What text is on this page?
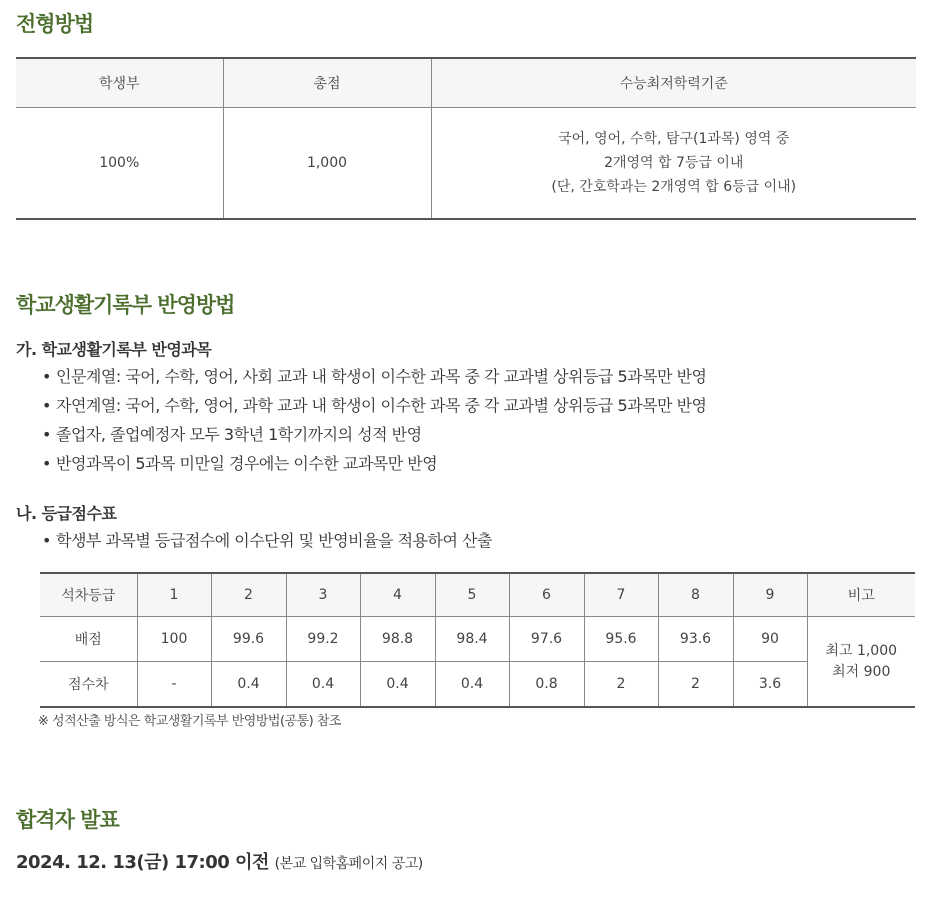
전형방법
학생부	총점	수능최저학력기준
100%	1,000	국어, 영어, 수학, 탐구(1과목) 영역 중
2개영역 합 7등급 이내
(단, 간호학과는 2개영역 합 6등급 이내)
학교생활기록부 반영방법

가. 학교생활기록부 반영과목

• 인문계열: 국어, 수학, 영어, 사회 교과 내 학생이 이수한 과목 중 각 교과별 상위등급 5과목만 반영
• 자연계열: 국어, 수학, 영어, 과학 교과 내 학생이 이수한 과목 중 각 교과별 상위등급 5과목만 반영
• 졸업자, 졸업예정자 모두 3학년 1학기까지의 성적 반영
• 반영과목이 5과목 미만일 경우에는 이수한 교과목만 반영

나. 등급점수표

• 학생부 과목별 등급점수에 이수단위 및 반영비율을 적용하여 산출
석차등급	1	2	3	4	5	6	7	8	9	비고
배점	100	99.6	99.2	98.8	98.4	97.6	95.6	93.6	90	최고 1,000
최저 900

점수차	-	0.4	0.4	0.4	0.4	0.8	2	2	3.6	

※ 성적산출 방식은 학교생활기록부 반영방법(공통) 참조

합격자 발표

2024. 12. 13(금) 17:00 이전 (본교 입학홈페이지 공고)
